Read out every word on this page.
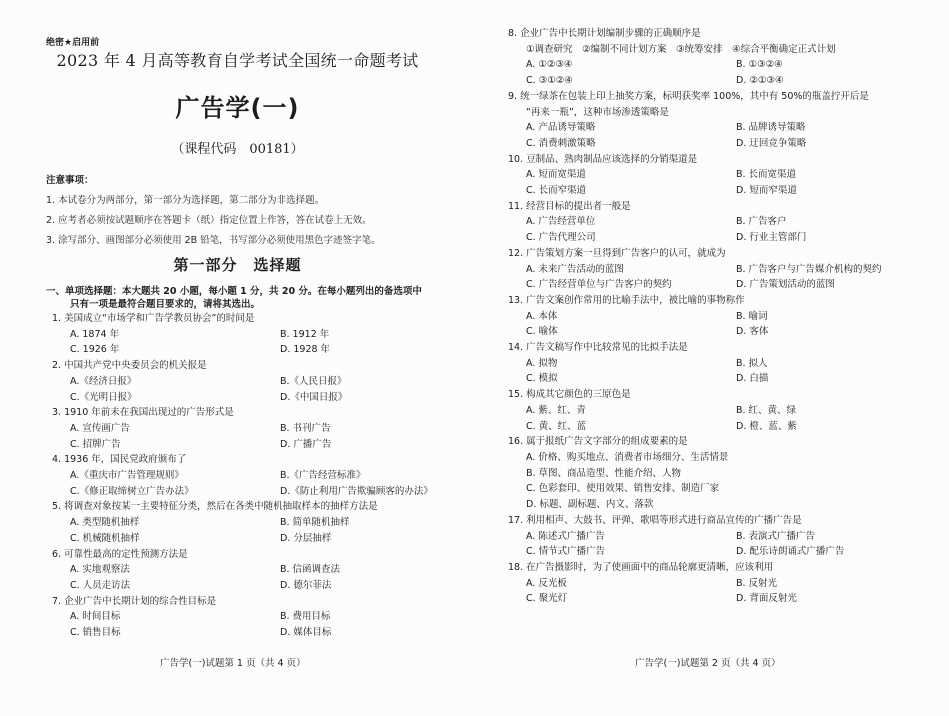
绝密★启用前
2023 年 4 月高等教育自学考试全国统一命题考试
广告学(一)
（课程代码　00181）
注意事项：
1. 本试卷分为两部分，第一部分为选择题，第二部分为非选择题。
2. 应考者必须按试题顺序在答题卡（纸）指定位置上作答，答在试卷上无效。
3. 涂写部分、画图部分必须使用 2B 铅笔，书写部分必须使用黑色字迹签字笔。
第一部分　选择题
一、单项选择题：本大题共 20 小题，每小题 1 分，共 20 分。在每小题列出的备选项中
只有一项是最符合题目要求的，请将其选出。
1. 美国成立“市场学和广告学教员协会”的时间是
A. 1874 年	B. 1912 年
C. 1926 年	D. 1928 年
2. 中国共产党中央委员会的机关报是
A.《经济日报》	B.《人民日报》
C.《光明日报》	D.《中国日报》
3. 1910 年前未在我国出现过的广告形式是
A. 宣传画广告	B. 书刊广告
C. 招牌广告	D. 广播广告
4. 1936 年，国民党政府颁布了
A.《重庆市广告管理规则》	B.《广告经营标准》
C.《修正取缔树立广告办法》	D.《防止利用广告欺骗顾客的办法》
5. 将调查对象按某一主要特征分类，然后在各类中随机抽取样本的抽样方法是
A. 类型随机抽样	B. 简单随机抽样
C. 机械随机抽样	D. 分层抽样
6. 可靠性最高的定性预测方法是
A. 实地观察法	B. 信函调查法
C. 人员走访法	D. 德尔菲法
7. 企业广告中长期计划的综合性目标是
A. 时间目标	B. 费用目标
C. 销售目标	D. 媒体目标
广告学(一)试题第 1 页（共 4 页）
8. 企业广告中长期计划编制步骤的正确顺序是
①调查研究　②编制不同计划方案　③统筹安排　④综合平衡确定正式计划
A. ①②③④	B. ①③②④
C. ③①②④	D. ②①③④
9. 统一绿茶在包装上印上抽奖方案，标明获奖率 100%，其中有 50%的瓶盖拧开后是
“再来一瓶”，这种市场渗透策略是
A. 产品诱导策略	B. 品牌诱导策略
C. 消费刺激策略	D. 迂回竞争策略
10. 豆制品、熟肉制品应该选择的分销渠道是
A. 短而宽渠道	B. 长而宽渠道
C. 长而窄渠道	D. 短而窄渠道
11. 经营目标的提出者一般是
A. 广告经营单位	B. 广告客户
C. 广告代理公司	D. 行业主管部门
12. 广告策划方案一旦得到广告客户的认可，就成为
A. 未来广告活动的蓝图	B. 广告客户与广告媒介机构的契约
C. 广告经营单位与广告客户的契约	D. 广告策划活动的蓝图
13. 广告文案创作常用的比喻手法中，被比喻的事物称作
A. 本体	B. 喻词
C. 喻体	D. 客体
14. 广告文稿写作中比较常见的比拟手法是
A. 拟物	B. 拟人
C. 模拟	D. 白描
15. 构成其它颜色的三原色是
A. 紫、红、青	B. 红、黄、绿
C. 黄、红、蓝	D. 橙、蓝、紫
16. 属于报纸广告文字部分的组成要素的是
A. 价格、购买地点、消费者市场细分、生活情景
B. 草图、商品造型、性能介绍、人物
C. 色彩套印、使用效果、销售安排、制造厂家
D. 标题、副标题、内文、落款
17. 利用相声、大鼓书、评弹、歌唱等形式进行商品宣传的广播广告是
A. 陈述式广播广告	B. 表演式广播广告
C. 情节式广播广告	D. 配乐诗朗诵式广播广告
18. 在广告摄影时，为了使画面中的商品轮廓更清晰，应该利用
A. 反光板	B. 反射光
C. 聚光灯	D. 背面反射光
广告学(一)试题第 2 页（共 4 页）
